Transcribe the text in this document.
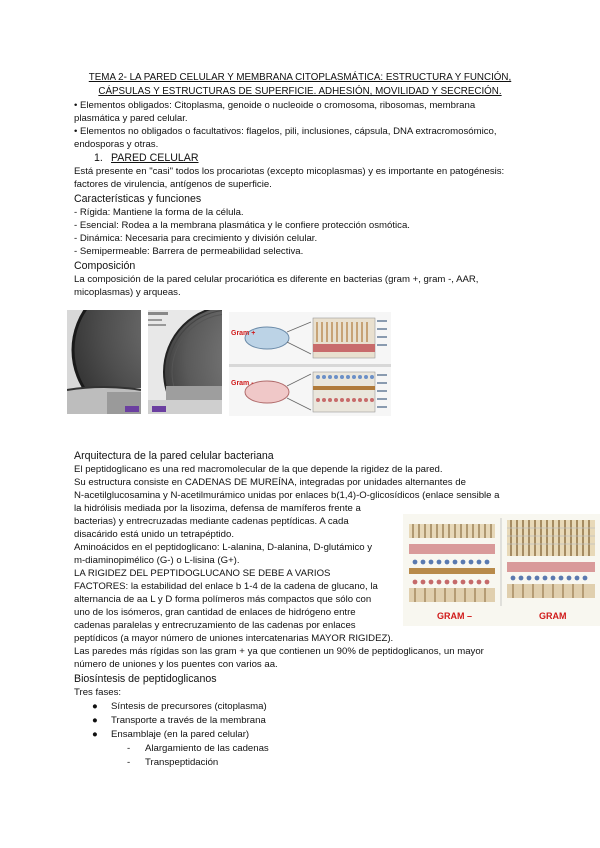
TEMA 2- LA PARED CELULAR Y MEMBRANA CITOPLASMÁTICA: ESTRUCTURA Y FUNCIÓN,
CÁPSULAS Y ESTRUCTURAS DE SUPERFICIE. ADHESIÓN, MOVILIDAD Y SECRECIÓN.
• Elementos obligados: Citoplasma, genoide o nucleoide o cromosoma, ribosomas, membrana
plasmática y pared celular.
• Elementos no obligados o facultativos: flagelos, pili, inclusiones, cápsula, DNA extracromosómico,
endosporas y otras.
1. PARED CELULAR
Está presente en "casi" todos los procariotas (excepto micoplasmas) y es importante en patogénesis:
factores de virulencia, antígenos de superficie.
Características y funciones
- Rígida: Mantiene la forma de la célula.
- Esencial: Rodea a la membrana plasmática y le confiere protección osmótica.
- Dinámica: Necesaria para crecimiento y división celular.
- Semipermeable: Barrera de permeabilidad selectiva.
Composición
La composición de la pared celular procariótica es diferente en bacterias (gram +, gram -, AAR,
micoplasmas) y arqueas.
Gram +
Gram -
Arquitectura de la pared celular bacteriana
El peptidoglicano es una red macromolecular de la que depende la rigidez de la pared.
Su estructura consiste en CADENAS DE MUREÍNA, integradas por unidades alternantes de
N-acetilglucosamina y N-acetilmurámico unidas por enlaces b(1,4)-O-glicosídicos (enlace sensible a
la hidrólisis mediada por la lisozima, defensa de mamíferos frente a
bacterias) y entrecruzadas mediante cadenas peptídicas. A cada
disacárido está unido un tetrapéptido.
Aminoácidos en el peptidoglicano: L-alanina, D-alanina, D-glutámico y
m-diaminopimélico (G-) o L-lisina (G+).
LA RIGIDEZ DEL PEPTIDOGLUCANO SE DEBE A VARIOS
FACTORES: la estabilidad del enlace b 1-4 de la cadena de glucano, la
alternancia de aa L y D forma polímeros más compactos que sólo con
uno de los isómeros, gran cantidad de enlaces de hidrógeno entre
cadenas paralelas y entrecruzamiento de las cadenas por enlaces
peptídicos (a mayor número de uniones intercatenarias MAYOR RIGIDEZ).
Las paredes más rígidas son las gram + ya que contienen un 90% de peptidoglicanos, un mayor
número de uniones y los puentes con varios aa.
GRAM –	GRAM
Biosíntesis de peptidoglicanos
Tres fases:
● Síntesis de precursores (citoplasma)
● Transporte a través de la membrana
● Ensamblaje (en la pared celular)
- Alargamiento de las cadenas
- Transpeptidación
